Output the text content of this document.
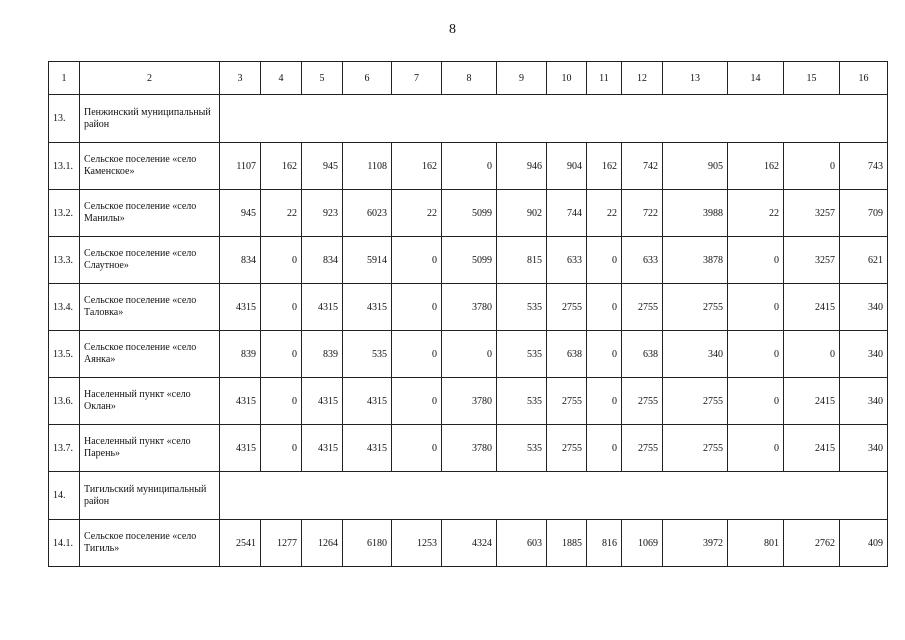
8
1	2	3	4	5	6	7	8	9	10	11	12	13	14	15	16
13.	Пенжинский муниципальный район														
13.1.	Сельское поселение «село Каменское»	1107	162	945	1108	162	0	946	904	162	742	905	162	0	743
13.2.	Сельское поселение «село Манилы»	945	22	923	6023	22	5099	902	744	22	722	3988	22	3257	709
13.3.	Сельское поселение «село Слаутное»	834	0	834	5914	0	5099	815	633	0	633	3878	0	3257	621
13.4.	Сельское поселение «село Таловка»	4315	0	4315	4315	0	3780	535	2755	0	2755	2755	0	2415	340
13.5.	Сельское поселение «село Аянка»	839	0	839	535	0	0	535	638	0	638	340	0	0	340
13.6.	Населенный пункт «село Оклан»	4315	0	4315	4315	0	3780	535	2755	0	2755	2755	0	2415	340
13.7.	Населенный пункт «село Парень»	4315	0	4315	4315	0	3780	535	2755	0	2755	2755	0	2415	340
14.	Тигильский муниципальный район														
14.1.	Сельское поселение «село Тигиль»	2541	1277	1264	6180	1253	4324	603	1885	816	1069	3972	801	2762	409
